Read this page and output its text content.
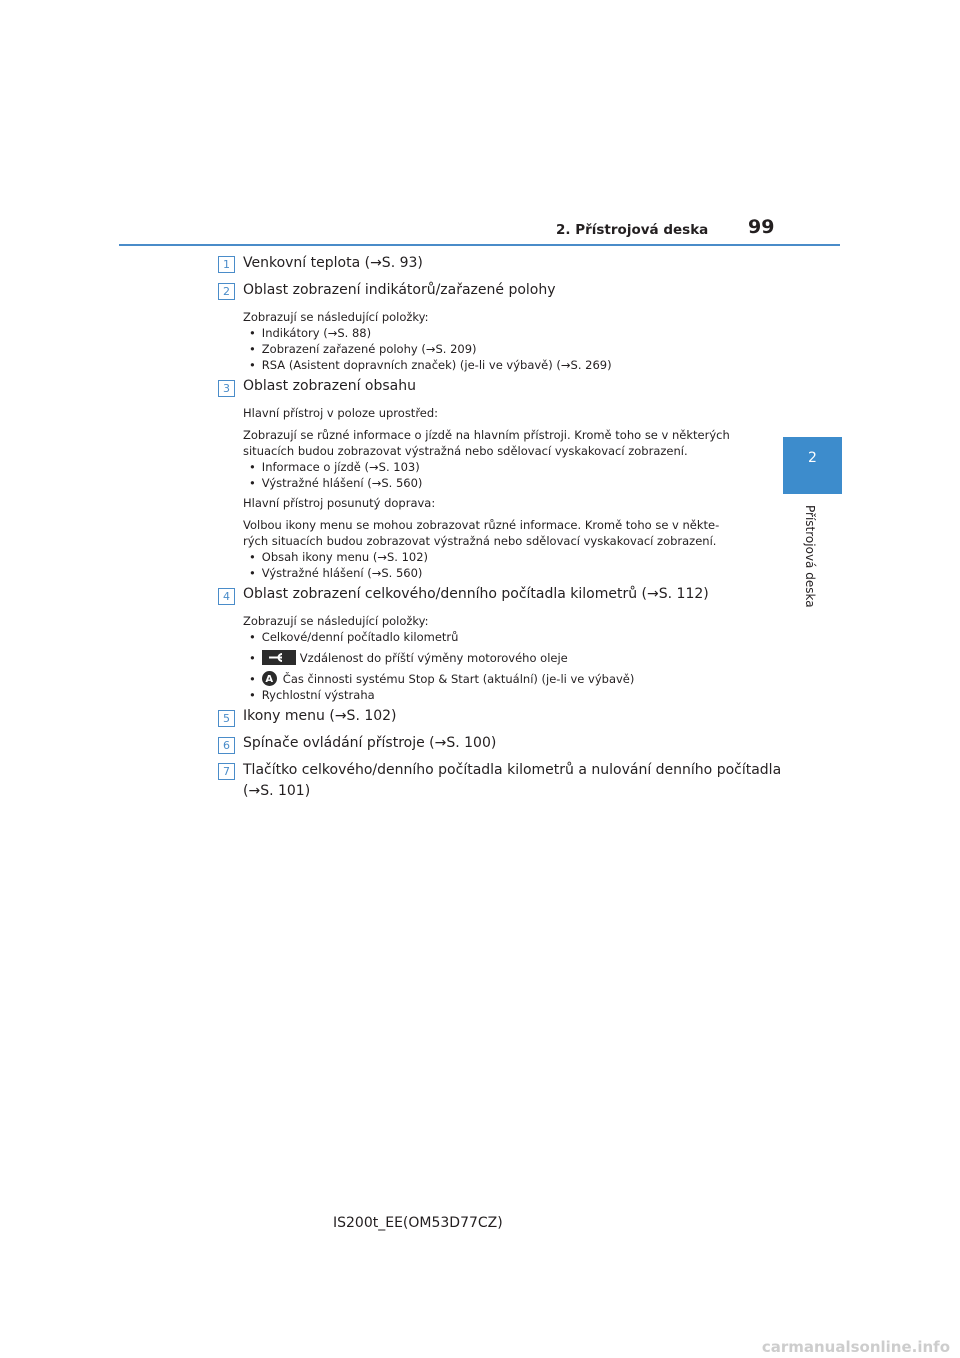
2. Přístrojová deska 99
2
Přístrojová deska
1 Venkovní teplota (→S. 93)
2 Oblast zobrazení indikátorů/zařazené polohy
Zobrazují se následující položky:
• Indikátory (→S. 88)
• Zobrazení zařazené polohy (→S. 209)
• RSA (Asistent dopravních značek) (je-li ve výbavě) (→S. 269)
3 Oblast zobrazení obsahu
Hlavní přístroj v poloze uprostřed:
Zobrazují se různé informace o jízdě na hlavním přístroji. Kromě toho se v některých
situacích budou zobrazovat výstražná nebo sdělovací vyskakovací zobrazení.
• Informace o jízdě (→S. 103)
• Výstražné hlášení (→S. 560)
Hlavní přístroj posunutý doprava:
Volbou ikony menu se mohou zobrazovat různé informace. Kromě toho se v někte-
rých situacích budou zobrazovat výstražná nebo sdělovací vyskakovací zobrazení.
• Obsah ikony menu (→S. 102)
• Výstražné hlášení (→S. 560)
4 Oblast zobrazení celkového/denního počítadla kilometrů (→S. 112)
Zobrazují se následující položky:
• Celkové/denní počítadlo kilometrů
• Vzdálenost do příští výměny motorového oleje
• A Čas činnosti systému Stop & Start (aktuální) (je-li ve výbavě)
• Rychlostní výstraha
5 Ikony menu (→S. 102)
6 Spínače ovládání přístroje (→S. 100)
7 Tlačítko celkového/denního počítadla kilometrů a nulování denního počítadla
(→S. 101)
IS200t_EE(OM53D77CZ)
carmanualsonline.info
